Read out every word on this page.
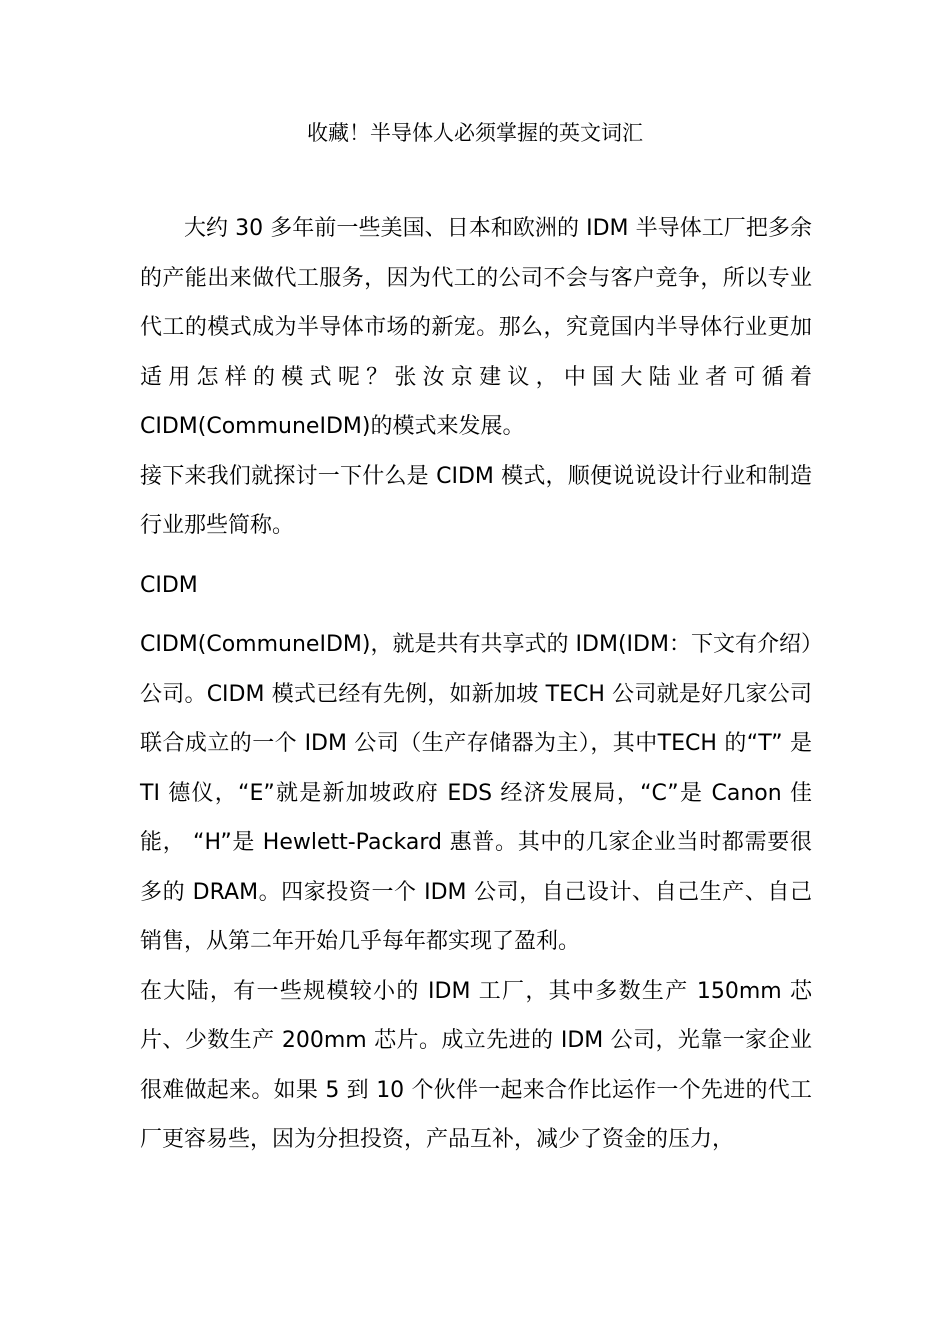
收藏！半导体人必须掌握的英文词汇

大约 30 多年前一些美国、日本和欧洲的 IDM 半导体工厂把多余的产能出来做代工服务，因为代工的公司不会与客户竞争，所以专业代工的模式成为半导体市场的新宠。那么，究竟国内半导体行业更加适用怎样的模式呢？张汝京建议，中国大陆业者可循着 CIDM(CommuneIDM)的模式来发展。

接下来我们就探讨一下什么是 CIDM 模式，顺便说说设计行业和制造行业那些简称。

CIDM

CIDM(CommuneIDM)，就是共有共享式的 IDM(IDM：下文有介绍）公司。CIDM 模式已经有先例，如新加坡 TECH 公司就是好几家公司联合成立的一个 IDM 公司（生产存储器为主），其中TECH 的“T” 是 TI 德仪，“E”就是新加坡政府 EDS 经济发展局，“C”是 Canon 佳能， “H”是 Hewlett-Packard 惠普。其中的几家企业当时都需要很多的 DRAM。四家投资一个 IDM 公司，自己设计、自己生产、自己销售，从第二年开始几乎每年都实现了盈利。

在大陆，有一些规模较小的 IDM 工厂，其中多数生产 150mm 芯片、少数生产 200mm 芯片。成立先进的 IDM 公司，光靠一家企业很难做起来。如果 5 到 10 个伙伴一起来合作比运作一个先进的代工厂更容易些，因为分担投资，产品互补，减少了资金的压力，
